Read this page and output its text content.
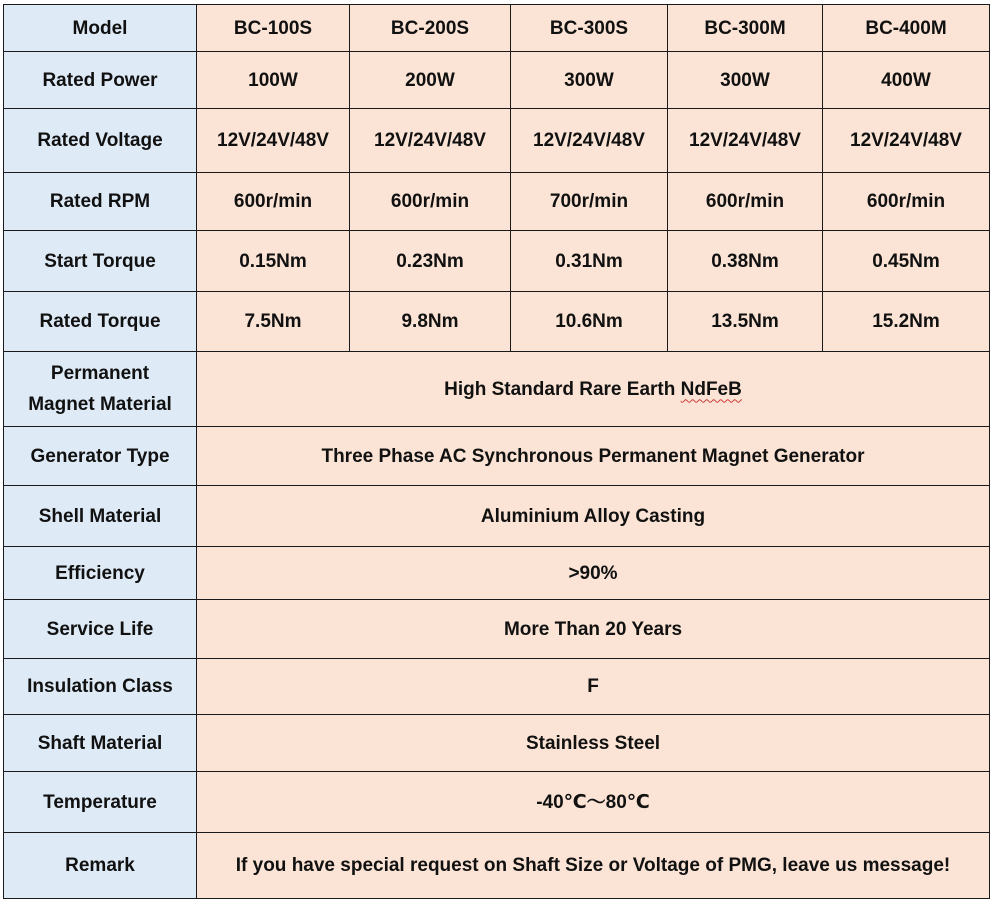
Model	BC-100S	BC-200S	BC-300S	BC-300M	BC-400M
Rated Power	100W	200W	300W	300W	400W
Rated Voltage	12V/24V/48V	12V/24V/48V	12V/24V/48V	12V/24V/48V	12V/24V/48V
Rated RPM	600r/min	600r/min	700r/min	600r/min	600r/min
Start Torque	0.15Nm	0.23Nm	0.31Nm	0.38Nm	0.45Nm
Rated Torque	7.5Nm	9.8Nm	10.6Nm	13.5Nm	15.2Nm
Permanent
Magnet Material	High Standard Rare Earth NdFeB				
Generator Type	Three Phase AC Synchronous Permanent Magnet Generator				
Shell Material	Aluminium Alloy Casting				
Efficiency	>90%				
Service Life	More Than 20 Years				
Insulation Class	F				
Shaft Material	Stainless Steel				
Temperature	-40℃～80℃				
Remark	If you have special request on Shaft Size or Voltage of PMG, leave us message!				
